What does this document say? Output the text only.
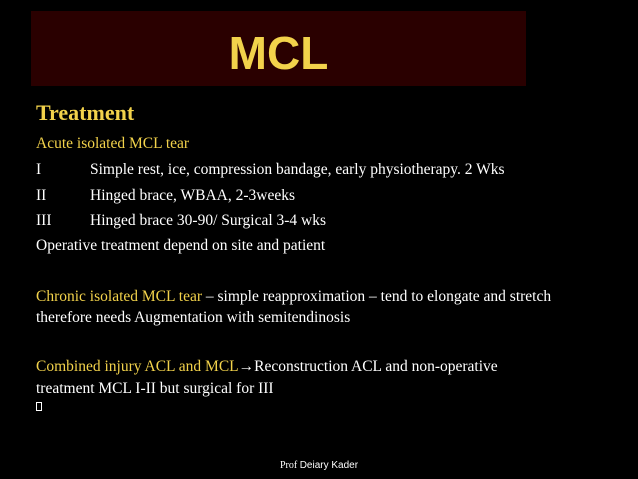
MCL
Treatment
Acute isolated MCL tear
I	Simple rest, ice, compression bandage, early physiotherapy. 2 Wks
II	Hinged brace, WBAA, 2-3weeks
III Hinged brace 30-90/ Surgical 3-4 wks
Operative treatment depend on site and patient
Chronic isolated MCL tear – simple reapproximation – tend to elongate and stretch
therefore needs Augmentation with semitendinosis
Combined injury ACL and MCL→Reconstruction ACL and non-operative
treatment MCL I-II but surgical for III
Prof Deiary Kader
